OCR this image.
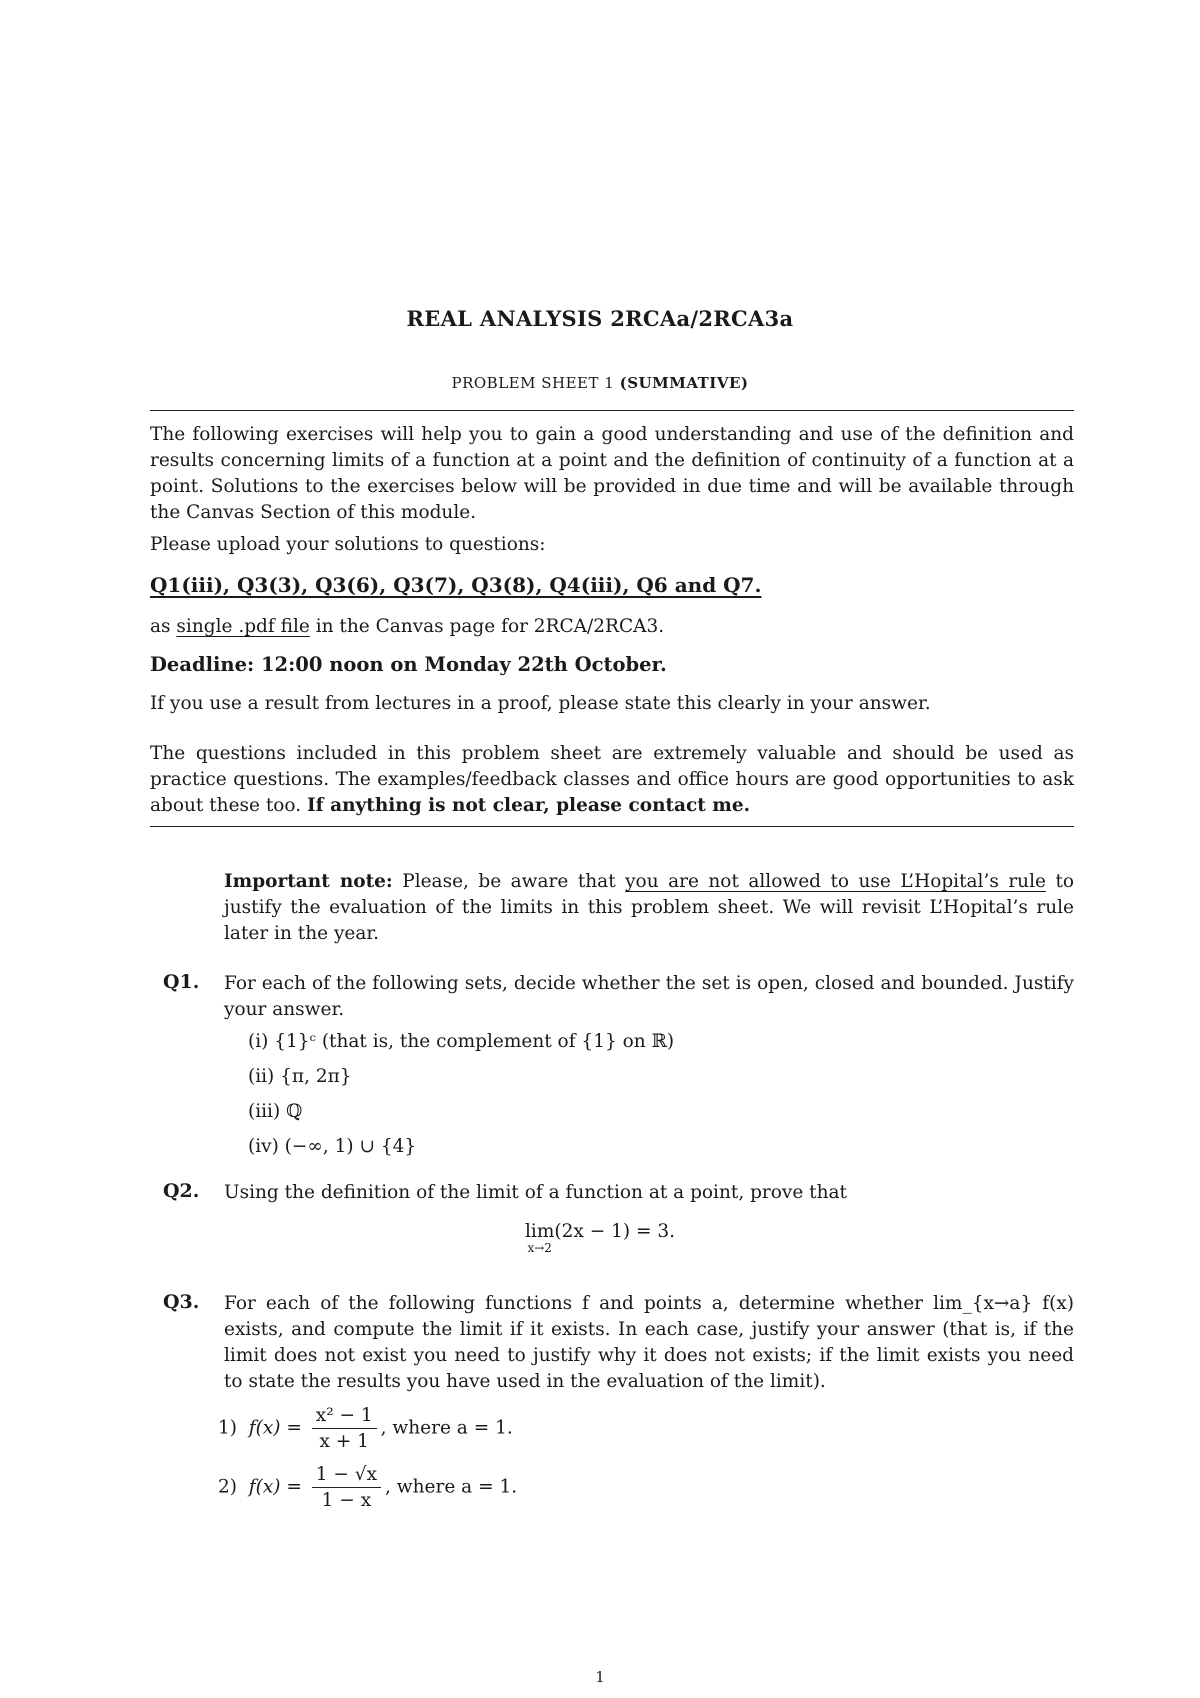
REAL ANALYSIS 2RCAa/2RCA3a
PROBLEM SHEET 1 (SUMMATIVE)
The following exercises will help you to gain a good understanding and use of the definition and results concerning limits of a function at a point and the definition of continuity of a function at a point. Solutions to the exercises below will be provided in due time and will be available through the Canvas Section of this module.
Please upload your solutions to questions:
Q1(iii), Q3(3), Q3(6), Q3(7), Q3(8), Q4(iii), Q6 and Q7.
as single .pdf file in the Canvas page for 2RCA/2RCA3.
Deadline: 12:00 noon on Monday 22th October.
If you use a result from lectures in a proof, please state this clearly in your answer.
The questions included in this problem sheet are extremely valuable and should be used as practice questions. The examples/feedback classes and office hours are good opportunities to ask about these too. If anything is not clear, please contact me.
Important note: Please, be aware that you are not allowed to use L’Hopital’s rule to justify the evaluation of the limits in this problem sheet. We will revisit L’Hopital’s rule later in the year.
Q1. For each of the following sets, decide whether the set is open, closed and bounded. Justify your answer.
(i) {1}ᶜ (that is, the complement of {1} on ℝ)
(ii) {π, 2π}
(iii) ℚ
(iv) (−∞, 1) ∪ {4}
Q2. Using the definition of the limit of a function at a point, prove that
lim
x→2
(2x − 1) = 3.
Q3. For each of the following functions f and points a, determine whether lim_{x→a} f(x) exists, and compute the limit if it exists. In each case, justify your answer (that is, if the limit does not exist you need to justify why it does not exists; if the limit exists you need to state the results you have used in the evaluation of the limit).
1) $f(x) = \frac{\text{x² − 1}}{x + 1}$ , where a = 1.
2) $f(x) = \frac{1 - √x}{1 - x}$ , where a = 1.
1
